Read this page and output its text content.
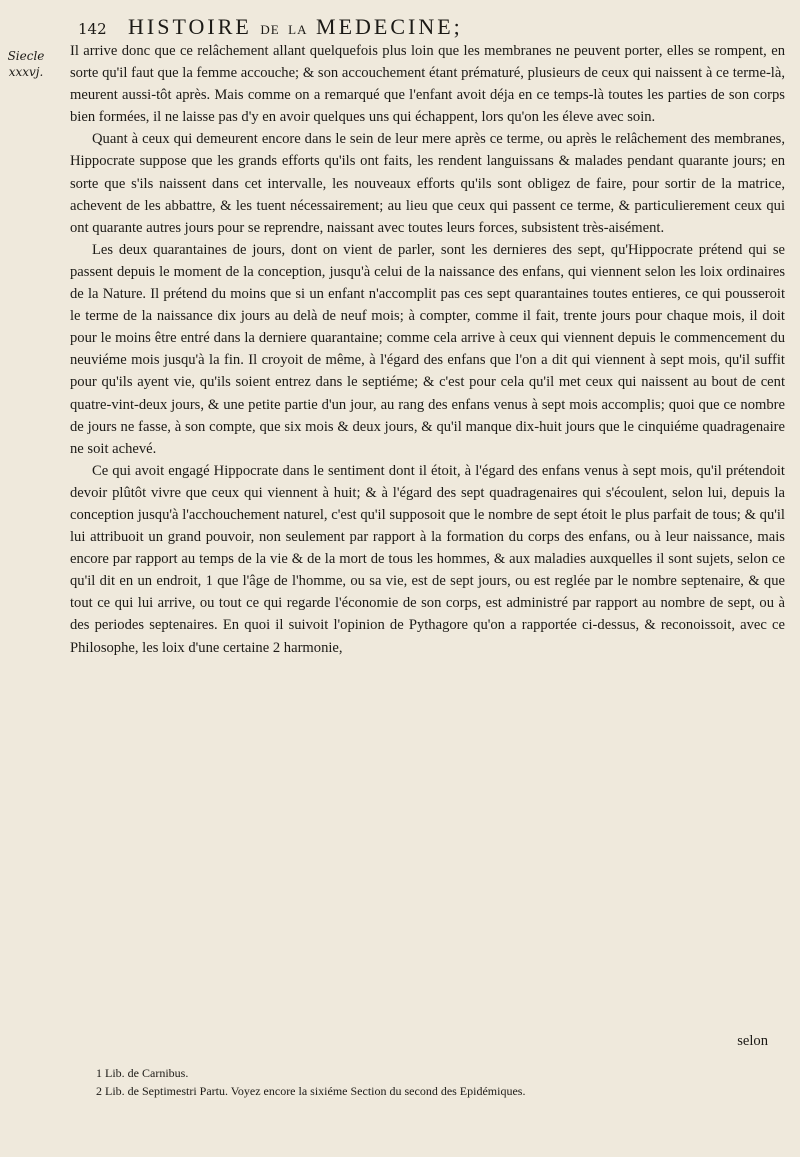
142 HISTOIRE DE LA MEDECINE;
Siecle
xxxvj.

Il arrive donc que ce relâchement allant quelquefois plus loin que les membranes ne peuvent porter, elles se rompent, en sorte qu'il faut que la femme accouche; & son accouchement étant prématuré, plusieurs de ceux qui naissent à ce terme-là, meurent aussi-tôt après. Mais comme on a remarqué que l'enfant avoit déja en ce temps-là toutes les parties de son corps bien formées, il ne laisse pas d'y en avoir quelques uns qui échappent, lors qu'on les éleve avec soin.

Quant à ceux qui demeurent encore dans le sein de leur mere après ce terme, ou après le relâchement des membranes, Hippocrate suppose que les grands efforts qu'ils ont faits, les rendent languissans & malades pendant quarante jours; en sorte que s'ils naissent dans cet intervalle, les nouveaux efforts qu'ils sont obligez de faire, pour sortir de la matrice, achevent de les abbattre, & les tuent nécessairement; au lieu que ceux qui passent ce terme, & particulierement ceux qui ont quarante autres jours pour se reprendre, naissant avec toutes leurs forces, subsistent très-aisément.

Les deux quarantaines de jours, dont on vient de parler, sont les dernieres des sept, qu'Hippocrate prétend qui se passent depuis le moment de la conception, jusqu'à celui de la naissance des enfans, qui viennent selon les loix ordinaires de la Nature. Il prétend du moins que si un enfant n'accomplit pas ces sept quarantaines toutes entieres, ce qui pousseroit le terme de la naissance dix jours au delà de neuf mois; à compter, comme il fait, trente jours pour chaque mois, il doit pour le moins être entré dans la derniere quarantaine; comme cela arrive à ceux qui viennent depuis le commencement du neuviéme mois jusqu'à la fin. Il croyoit de même, à l'égard des enfans que l'on a dit qui viennent à sept mois, qu'il suffit pour qu'ils ayent vie, qu'ils soient entrez dans le septiéme; & c'est pour cela qu'il met ceux qui naissent au bout de cent quatre-vint-deux jours, & une petite partie d'un jour, au rang des enfans venus à sept mois accomplis; quoi que ce nombre de jours ne fasse, à son compte, que six mois & deux jours, & qu'il manque dix-huit jours que le cinquiéme quadragenaire ne soit achevé.

Ce qui avoit engagé Hippocrate dans le sentiment dont il étoit, à l'égard des enfans venus à sept mois, qu'il prétendoit devoir plûtôt vivre que ceux qui viennent à huit; & à l'égard des sept quadragenaires qui s'écoulent, selon lui, depuis la conception jusqu'à l'acchouchement naturel, c'est qu'il supposoit que le nombre de sept étoit le plus parfait de tous; & qu'il lui attribuoit un grand pouvoir, non seulement par rapport à la formation du corps des enfans, ou à leur naissance, mais encore par rapport au temps de la vie & de la mort de tous les hommes, & aux maladies auxquelles il sont sujets, selon ce qu'il dit en un endroit, 1 que l'âge de l'homme, ou sa vie, est de sept jours, ou est reglée par le nombre septenaire, & que tout ce qui lui arrive, ou tout ce qui regarde l'économie de son corps, est administré par rapport au nombre de sept, ou à des periodes septenaires. En quoi il suivoit l'opinion de Pythagore qu'on a rapportée ci-dessus, & reconoissoit, avec ce Philosophe, les loix d'une certaine 2 harmonie,

selon
1 Lib. de Carnibus.
2 Lib. de Septimestri Partu. Voyez encore la sixiéme Section du second des Epidémiques.
